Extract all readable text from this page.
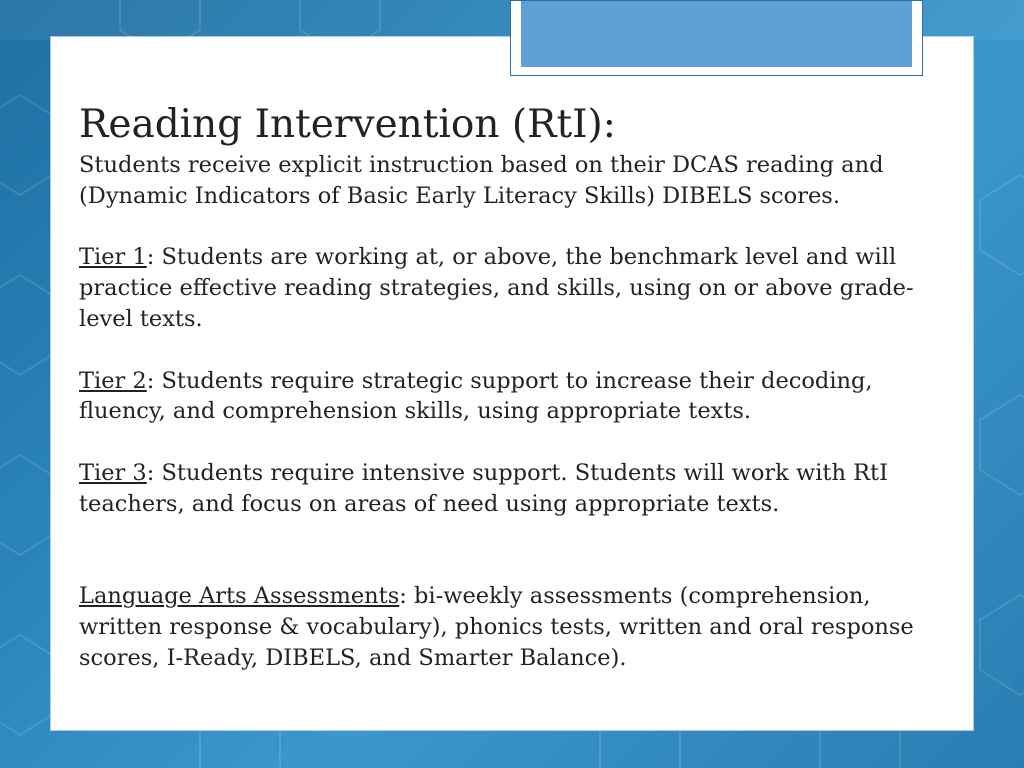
Reading Intervention (RtI):

Students receive explicit instruction based on their DCAS reading and (Dynamic Indicators of Basic Early Literacy Skills) DIBELS scores.

Tier 1: Students are working at, or above, the benchmark level and will practice effective reading strategies, and skills, using on or above grade-level texts.

Tier 2: Students require strategic support to increase their decoding, fluency, and comprehension skills, using appropriate texts.

Tier 3: Students require intensive support. Students will work with RtI teachers, and focus on areas of need using appropriate texts.

Language Arts Assessments: bi-weekly assessments (comprehension, written response & vocabulary), phonics tests, written and oral response scores, I-Ready, DIBELS, and Smarter Balance).
